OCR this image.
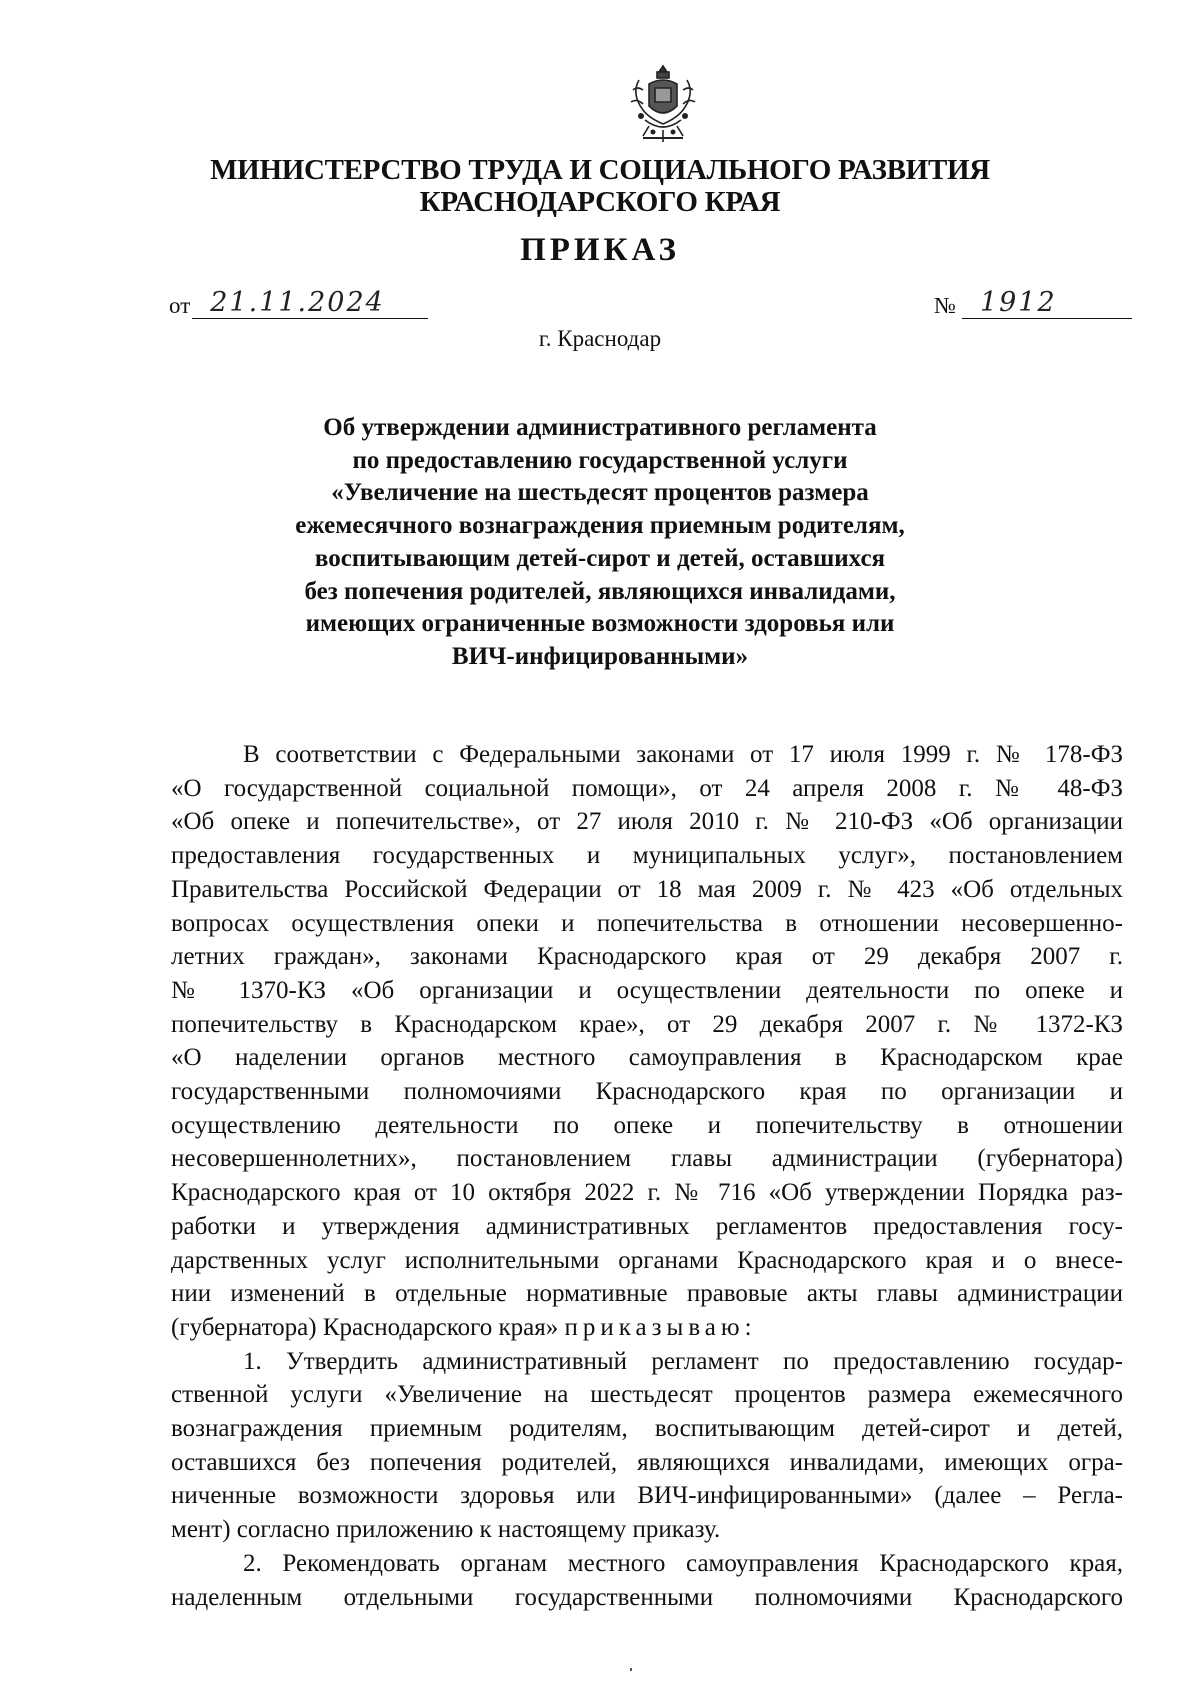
МИНИСТЕРСТВО ТРУДА И СОЦИАЛЬНОГО РАЗВИТИЯ
КРАСНОДАРСКОГО КРАЯ
ПРИКАЗ
от 21.11.2024	№ 1912
г. Краснодар
Об утверждении административного регламента
по предоставлению государственной услуги
«Увеличение на шестьдесят процентов размера
ежемесячного вознаграждения приемным родителям,
воспитывающим детей-сирот и детей, оставшихся
без попечения родителей, являющихся инвалидами,
имеющих ограниченные возможности здоровья или
ВИЧ-инфицированными»
В соответствии с Федеральными законами от 17 июля 1999 г. № 178-ФЗ
«О государственной социальной помощи», от 24 апреля 2008 г. № 48-ФЗ
«Об опеке и попечительстве», от 27 июля 2010 г. № 210-ФЗ «Об организации
предоставления государственных и муниципальных услуг», постановлением
Правительства Российской Федерации от 18 мая 2009 г. № 423 «Об отдельных
вопросах осуществления опеки и попечительства в отношении несовершенно-
летних граждан», законами Краснодарского края от 29 декабря 2007 г.
№ 1370-КЗ «Об организации и осуществлении деятельности по опеке и
попечительству в Краснодарском крае», от 29 декабря 2007 г. № 1372-КЗ
«О наделении органов местного самоуправления в Краснодарском крае
государственными полномочиями Краснодарского края по организации и
осуществлению деятельности по опеке и попечительству в отношении
несовершеннолетних», постановлением главы администрации (губернатора)
Краснодарского края от 10 октября 2022 г. № 716 «Об утверждении Порядка раз-
работки и утверждения административных регламентов предоставления госу-
дарственных услуг исполнительными органами Краснодарского края и о внесе-
нии изменений в отдельные нормативные правовые акты главы администрации
(губернатора) Краснодарского края» приказываю:
1. Утвердить административный регламент по предоставлению государ-
ственной услуги «Увеличение на шестьдесят процентов размера ежемесячного
вознаграждения приемным родителям, воспитывающим детей-сирот и детей,
оставшихся без попечения родителей, являющихся инвалидами, имеющих огра-
ниченные возможности здоровья или ВИЧ-инфицированными» (далее – Регла-
мент) согласно приложению к настоящему приказу.
2. Рекомендовать органам местного самоуправления Краснодарского края,
наделенным отдельными государственными полномочиями Краснодарского
